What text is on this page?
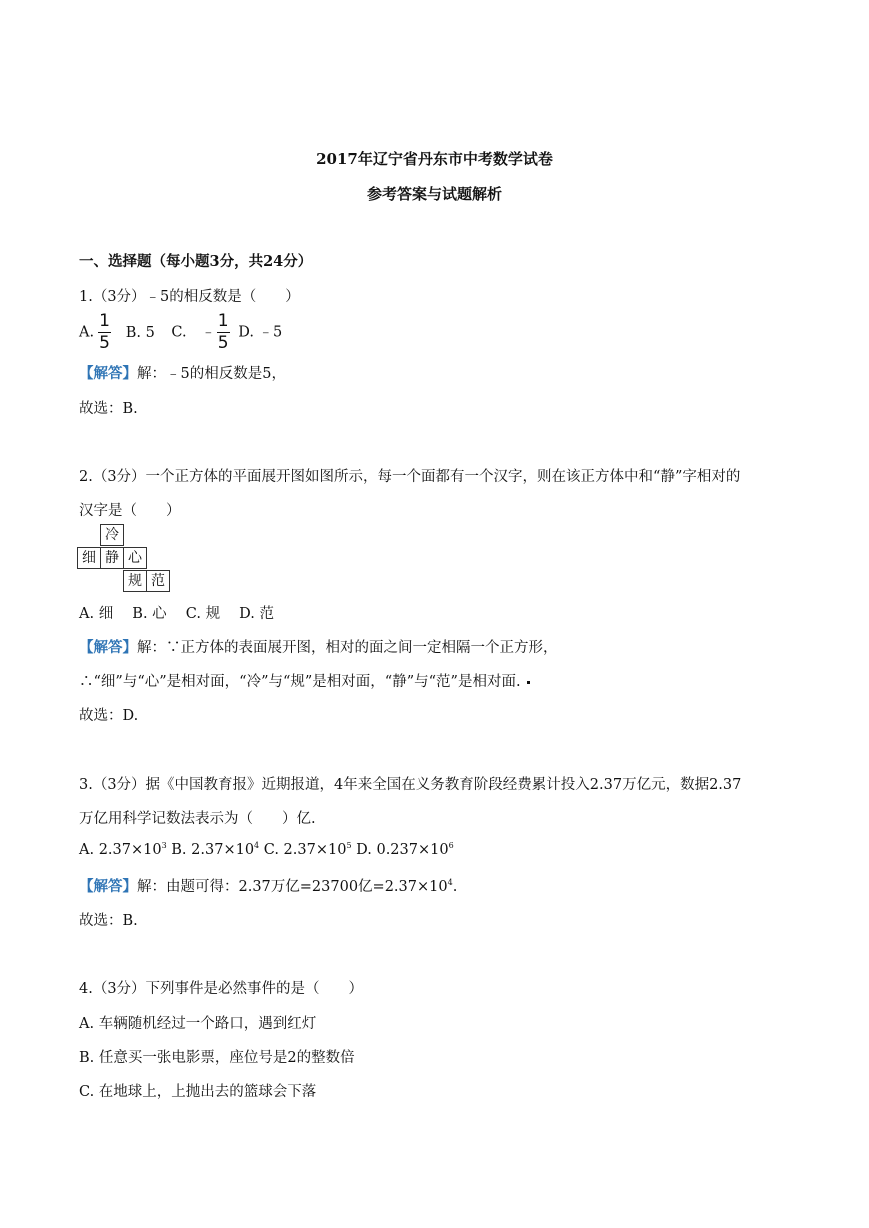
2017年辽宁省丹东市中考数学试卷
参考答案与试题解析
一、选择题（每小题3分，共24分）
1.（3分）﹣5的相反数是（　　）
A. $\frac{1}{5} B$. 5 C.　﹣ $\frac{1}{5} D$. ﹣5
【解答】解：﹣5的相反数是5，
故选：B.
2.（3分）一个正方体的平面展开图如图所示，每一个面都有一个汉字，则在该正方体中和“静”字相对的
汉字是（　　）
冷
细 静 心
规 范
A. 细　 B. 心　 C. 规　 D. 范
【解答】解：∵正方体的表面展开图，相对的面之间一定相隔一个正方形，
∴“细”与“心”是相对面，“冷”与“规”是相对面，“静”与“范”是相对面.
故选：D.
3.（3分）据《中国教育报》近期报道，4年来全国在义务教育阶段经费累计投入2.37万亿元，数据2.37
万亿用科学记数法表示为（　　）亿.
A. $2.37\times 10^3$ B. $2.37\times 10^4$ C. $2.37\times 10^5$ D. $0.237\times 10^6$
【解答】解：由题可得：2.37万亿=23700亿$=2.37\times 10^4$.
故选：B.
4.（3分）下列事件是必然事件的是（　　）
A. 车辆随机经过一个路口，遇到红灯
B. 任意买一张电影票，座位号是2的整数倍
C. 在地球上，上抛出去的篮球会下落
